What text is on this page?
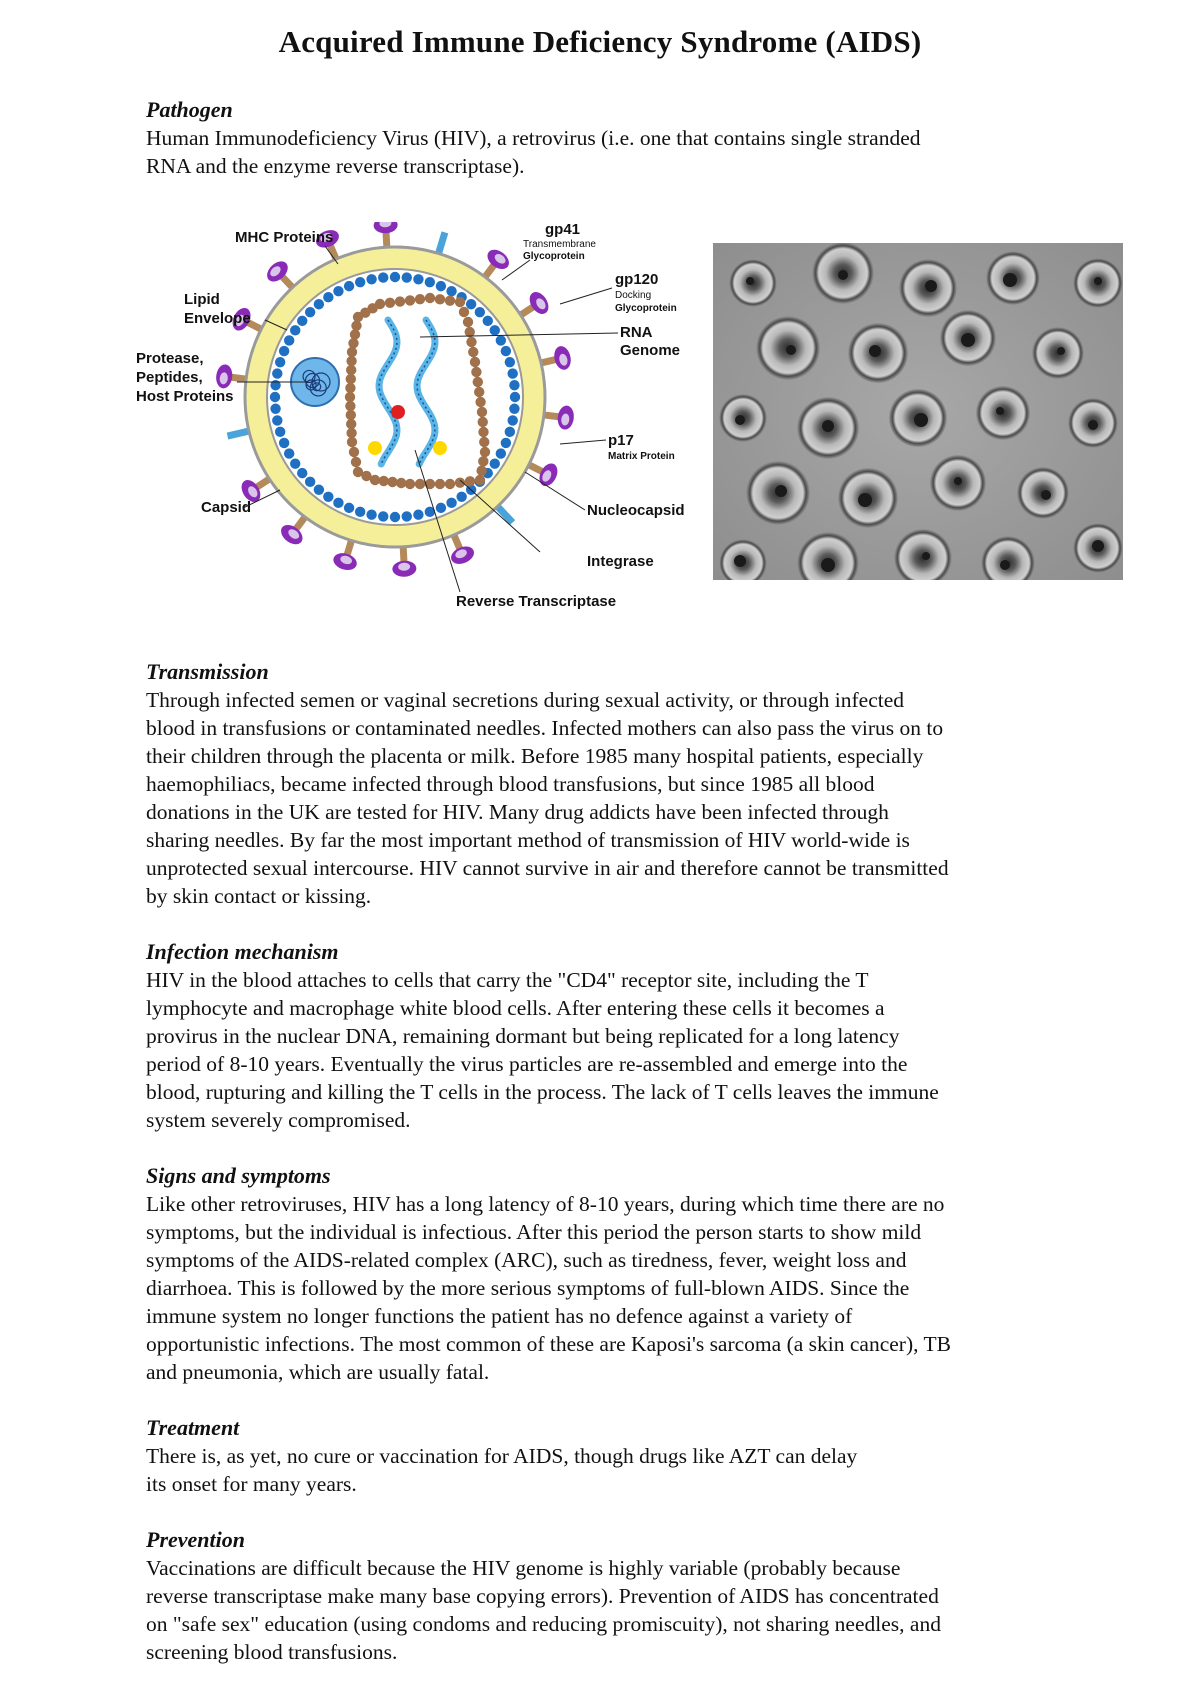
Acquired Immune Deficiency Syndrome (AIDS)
Pathogen
Human Immunodeficiency Virus (HIV), a retrovirus (i.e. one that contains single stranded
RNA and the enzyme reverse transcriptase).
MHC Proteins
Lipid
Envelope
Protease,
Peptides,
Host Proteins
Capsid
gp41
Transmembrane
Glycoprotein
gp120
Docking
Glycoprotein
RNA
Genome
p17
Matrix Protein
Nucleocapsid
Integrase
Reverse Transcriptase
Transmission
Through infected semen or vaginal secretions during sexual activity, or through infected
blood in transfusions or contaminated needles. Infected mothers can also pass the virus on to
their children through the placenta or milk. Before 1985 many hospital patients, especially
haemophiliacs, became infected through blood transfusions, but since 1985 all blood
donations in the UK are tested for HIV. Many drug addicts have been infected through
sharing needles. By far the most important method of transmission of HIV world-wide is
unprotected sexual intercourse. HIV cannot survive in air and therefore cannot be transmitted
by skin contact or kissing.
Infection mechanism
HIV in the blood attaches to cells that carry the "CD4" receptor site, including the T
lymphocyte and macrophage white blood cells. After entering these cells it becomes a
provirus in the nuclear DNA, remaining dormant but being replicated for a long latency
period of 8-10 years. Eventually the virus particles are re-assembled and emerge into the
blood, rupturing and killing the T cells in the process. The lack of T cells leaves the immune
system severely compromised.
Signs and symptoms
Like other retroviruses, HIV has a long latency of 8-10 years, during which time there are no
symptoms, but the individual is infectious. After this period the person starts to show mild
symptoms of the AIDS-related complex (ARC), such as tiredness, fever, weight loss and
diarrhoea. This is followed by the more serious symptoms of full-blown AIDS. Since the
immune system no longer functions the patient has no defence against a variety of
opportunistic infections. The most common of these are Kaposi's sarcoma (a skin cancer), TB
and pneumonia, which are usually fatal.
Treatment
There is, as yet, no cure or vaccination for AIDS, though drugs like AZT can delay
its onset for many years.
Prevention
Vaccinations are difficult because the HIV genome is highly variable (probably because
reverse transcriptase make many base copying errors). Prevention of AIDS has concentrated
on "safe sex" education (using condoms and reducing promiscuity), not sharing needles, and
screening blood transfusions.
